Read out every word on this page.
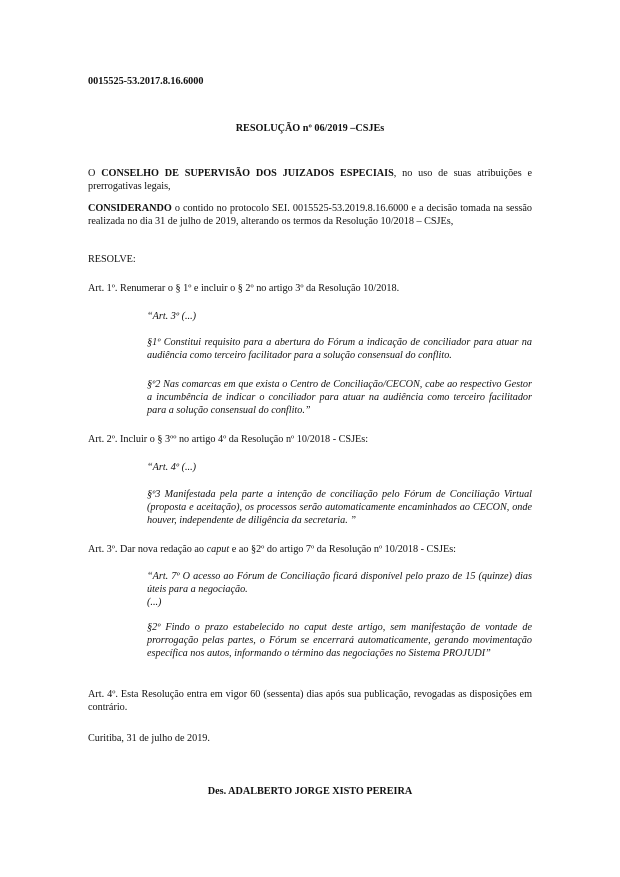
0015525-53.2017.8.16.6000

RESOLUÇÃO nº 06/2019 –CSJEs

O CONSELHO DE SUPERVISÃO DOS JUIZADOS ESPECIAIS, no uso de suas atribuições e prerrogativas legais,

CONSIDERANDO o contido no protocolo SEI. 0015525-53.2019.8.16.6000 e a decisão tomada na sessão realizada no dia 31 de julho de 2019, alterando os termos da Resolução 10/2018 – CSJEs,

RESOLVE:

Art. 1º. Renumerar o § 1º e incluir o § 2º no artigo 3º da Resolução 10/2018.

“Art. 3º (...)

§1º Constitui requisito para a abertura do Fórum a indicação de conciliador para atuar na audiência como terceiro facilitador para a solução consensual do conflito.

§º2 Nas comarcas em que exista o Centro de Conciliação/CECON, cabe ao respectivo Gestor a incumbência de indicar o conciliador para atuar na audiência como terceiro facilitador para a solução consensual do conflito.”

Art. 2º. Incluir o § 3ºº no artigo 4º da Resolução nº 10/2018 - CSJEs:

“Art. 4º (...)

§º3 Manifestada pela parte a intenção de conciliação pelo Fórum de Conciliação Virtual (proposta e aceitação), os processos serão automaticamente encaminhados ao CECON, onde houver, independente de diligência da secretaria. ”

Art. 3º. Dar nova redação ao caput e ao §2º do artigo 7º da Resolução nº 10/2018 - CSJEs:

“Art. 7º O acesso ao Fórum de Conciliação ficará disponível pelo prazo de 15 (quinze) dias úteis para a negociação.

(...)

§2º Findo o prazo estabelecido no caput deste artigo, sem manifestação de vontade de prorrogação pelas partes, o Fórum se encerrará automaticamente, gerando movimentação específica nos autos, informando o término das negociações no Sistema PROJUDI”

Art. 4º. Esta Resolução entra em vigor 60 (sessenta) dias após sua publicação, revogadas as disposições em contrário.

Curitiba, 31 de julho de 2019.

Des. ADALBERTO JORGE XISTO PEREIRA
